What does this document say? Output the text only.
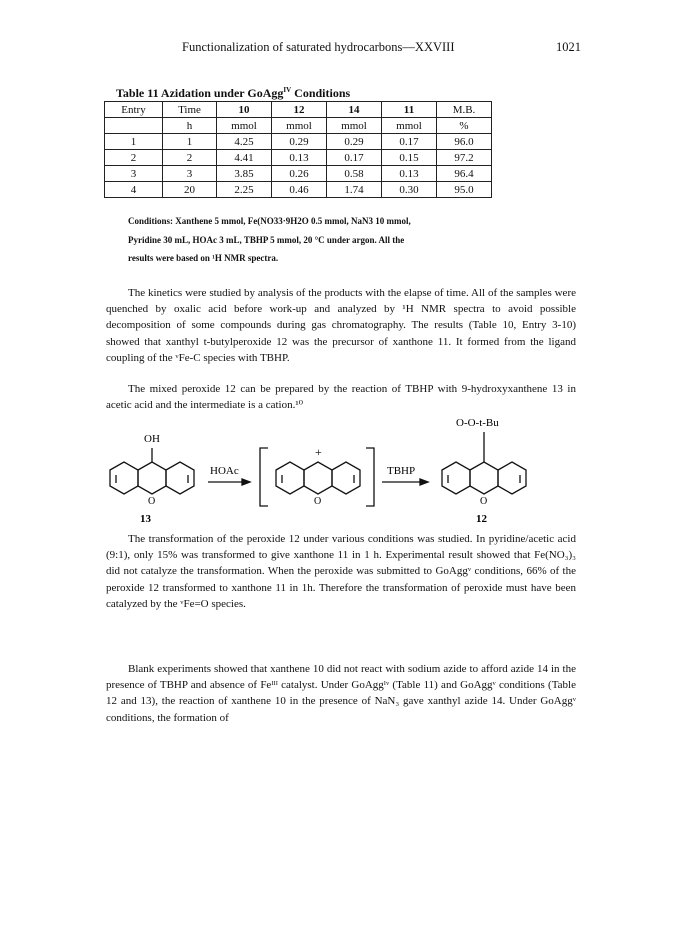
Functionalization of saturated hydrocarbons—XXVIII	1021
Table 11 Azidation under GoAgg$^{IV}$ Conditions
Entry	Time	10	12	14	11	M.B.
	h	mmol	mmol	mmol	mmol	%
1	1	4.25	0.29	0.29	0.17	96.0
2	2	4.41	0.13	0.17	0.15	97.2
3	3	3.85	0.26	0.58	0.13	96.4
4	20	2.25	0.46	1.74	0.30	95.0
Conditions: Xanthene 5 mmol, Fe(NO33·9H2O 0.5 mmol, NaN3 10 mmol,
Pyridine 30 mL, HOAc 3 mL, TBHP 5 mmol, 20 °C under argon. All the
results were based on ¹H NMR spectra.
The kinetics were studied by analysis of the products with the elapse of time. All of the samples were quenched by oxalic acid before work-up and analyzed by ¹H NMR spectra to avoid possible decomposition of some compounds during gas chromatography. The results (Table 10, Entry 3-10) showed that xanthyl t-butylperoxide 12 was the precursor of xanthone 11. It formed from the ligand coupling of the ᵛFe-C species with TBHP.
The mixed peroxide 12 can be prepared by the reaction of TBHP with 9-hydroxyxanthene 13 in acetic acid and the intermediate is a cation.¹⁰
OH
O
HOAc
+
O
TBHP
O-O-t-Bu
O
13	12
The transformation of the peroxide 12 under various conditions was studied. In pyridine/acetic acid (9:1), only 15% was transformed to give xanthone 11 in 1 h. Experimental result showed that Fe(NO₃)₃ did not catalyze the transformation. When the peroxide was submitted to GoAggᵛ conditions, 66% of the peroxide 12 transformed to xanthone 11 in 1h. Therefore the transformation of peroxide must have been catalyzed by the ᵛFe=O species.
Blank experiments showed that xanthene 10 did not react with sodium azide to afford azide 14 in the presence of TBHP and absence of Feᴵᴵᴵ catalyst. Under GoAggᴵᵛ (Table 11) and GoAggᵛ conditions (Table 12 and 13), the reaction of xanthene 10 in the presence of NaN₃ gave xanthyl azide 14. Under GoAggᵛ conditions, the formation of
